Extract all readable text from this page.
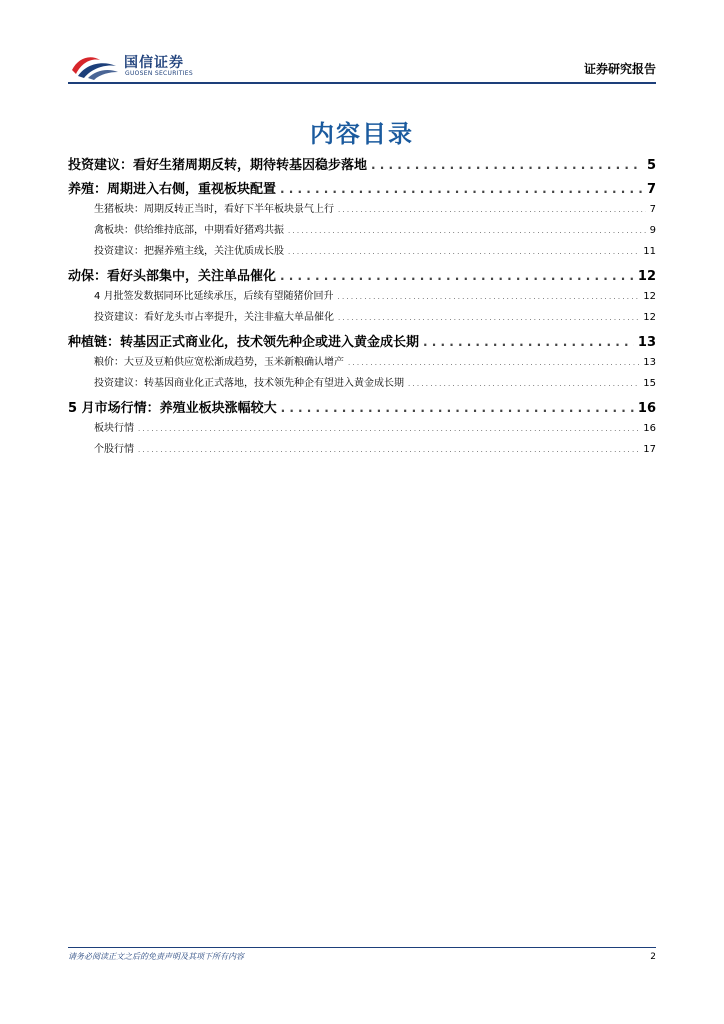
国信证券
GUOSEN SECURITIES	证券研究报告
内容目录
投资建议：看好生猪周期反转，期待转基因稳步落地 . . .	5
养殖：周期进入右侧，重视板块配置 . . .	7
生猪板块：周期反转正当时，看好下半年板块景气上行 . . .	7
禽板块：供给维持底部，中期看好猪鸡共振 . . .	9
投资建议：把握养殖主线，关注优质成长股 . . .	11
动保：看好头部集中，关注单品催化 . . .	12
4 月批签发数据同环比延续承压，后续有望随猪价回升 . . .	12
投资建议：看好龙头市占率提升，关注非瘟大单品催化 . . .	12
种植链：转基因正式商业化，技术领先种企或进入黄金成长期 . . .	13
粮价：大豆及豆粕供应宽松渐成趋势，玉米新粮确认增产 . . .	13
投资建议：转基因商业化正式落地，技术领先种企有望进入黄金成长期 . . .	15
5 月市场行情：养殖业板块涨幅较大 . . .	16
板块行情 . . .	16
个股行情 . . .	17
请务必阅读正文之后的免责声明及其项下所有内容	2
